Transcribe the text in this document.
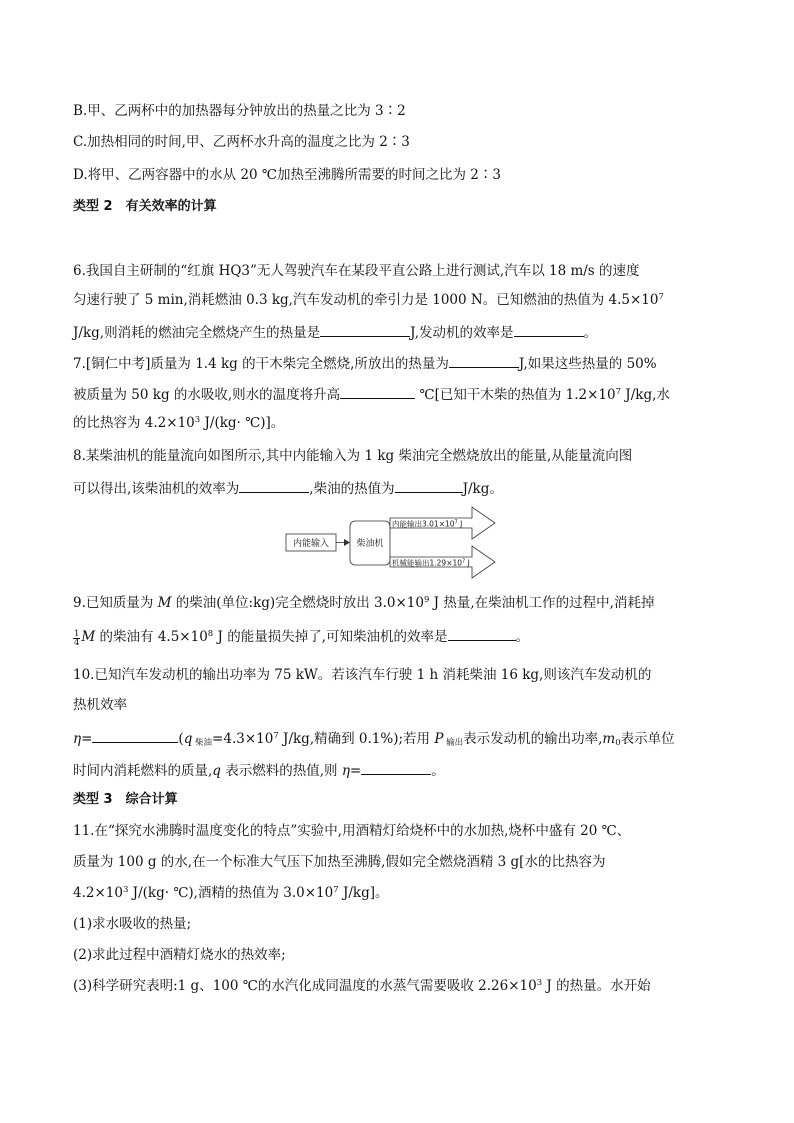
B.甲、乙两杯中的加热器每分钟放出的热量之比为 3∶2
C.加热相同的时间,甲、乙两杯水升高的温度之比为 2∶3
D.将甲、乙两容器中的水从 20 ℃加热至沸腾所需要的时间之比为 2∶3
类型 2　有关效率的计算
6.我国自主研制的“红旗 HQ3”无人驾驶汽车在某段平直公路上进行测试,汽车以 18 m/s 的速度
匀速行驶了 5 min,消耗燃油 0.3 kg,汽车发动机的牵引力是 1000 N。已知燃油的热值为 $4.5\times 10^7$
J/kg,则消耗的燃油完全燃烧产生的热量是	J,发动机的效率是	。
7.[铜仁中考]质量为 1.4 kg 的干木柴完全燃烧,所放出的热量为	J,如果这些热量的 50%
被质量为 50 kg 的水吸收,则水的温度将升高	℃[已知干木柴的热值为 $1.2\times 10^7$ J/kg,水
的比热容为 $4.2\times 10^3$ J/(kg· ℃)]。
8.某柴油机的能量流向如图所示,其中内能输入为 1 kg 柴油完全燃烧放出的能量,从能量流向图
可以得出,该柴油机的效率为	,柴油的热值为	J/kg。
内能输入	柴油机
内能输出$3.01\times 10^7$ J
机械能输出$1.29\times 10^7$ J
9.已知质量为 M 的柴油(单位:kg)完全燃烧时放出 $3.0\times 10^9$ J 热量,在柴油机工作的过程中,消耗掉
$\frac{1}{4}$ M 的柴油有 $4.5\times 10^8$ J 的能量损失掉了,可知柴油机的效率是	。
10.已知汽车发动机的输出功率为 75 kW。若该汽车行驶 1 h 消耗柴油 16 kg,则该汽车发动机的
热机效率
η=	(q $_{柴油}=4.3\times 10^7$ J/kg,精确到 0.1%);若用 P $_{输出}$表示发动机的输出功率$,m_0$表示单位
时间内消耗燃料的质量,q 表示燃料的热值,则 η=	。
类型 3　综合计算
11.在“探究水沸腾时温度变化的特点”实验中,用酒精灯给烧杯中的水加热,烧杯中盛有 20 ℃、
质量为 100 g 的水,在一个标准大气压下加热至沸腾,假如完全燃烧酒精 3 g[水的比热容为
$4.2\times 10^3$ J/(kg· ℃),酒精的热值为 $3.0\times 10^7$ J/kg]。
(1)求水吸收的热量;
(2)求此过程中酒精灯烧水的热效率;
(3)科学研究表明:1 g、100 ℃的水汽化成同温度的水蒸气需要吸收 $2.26\times 10^3$ J 的热量。水开始
